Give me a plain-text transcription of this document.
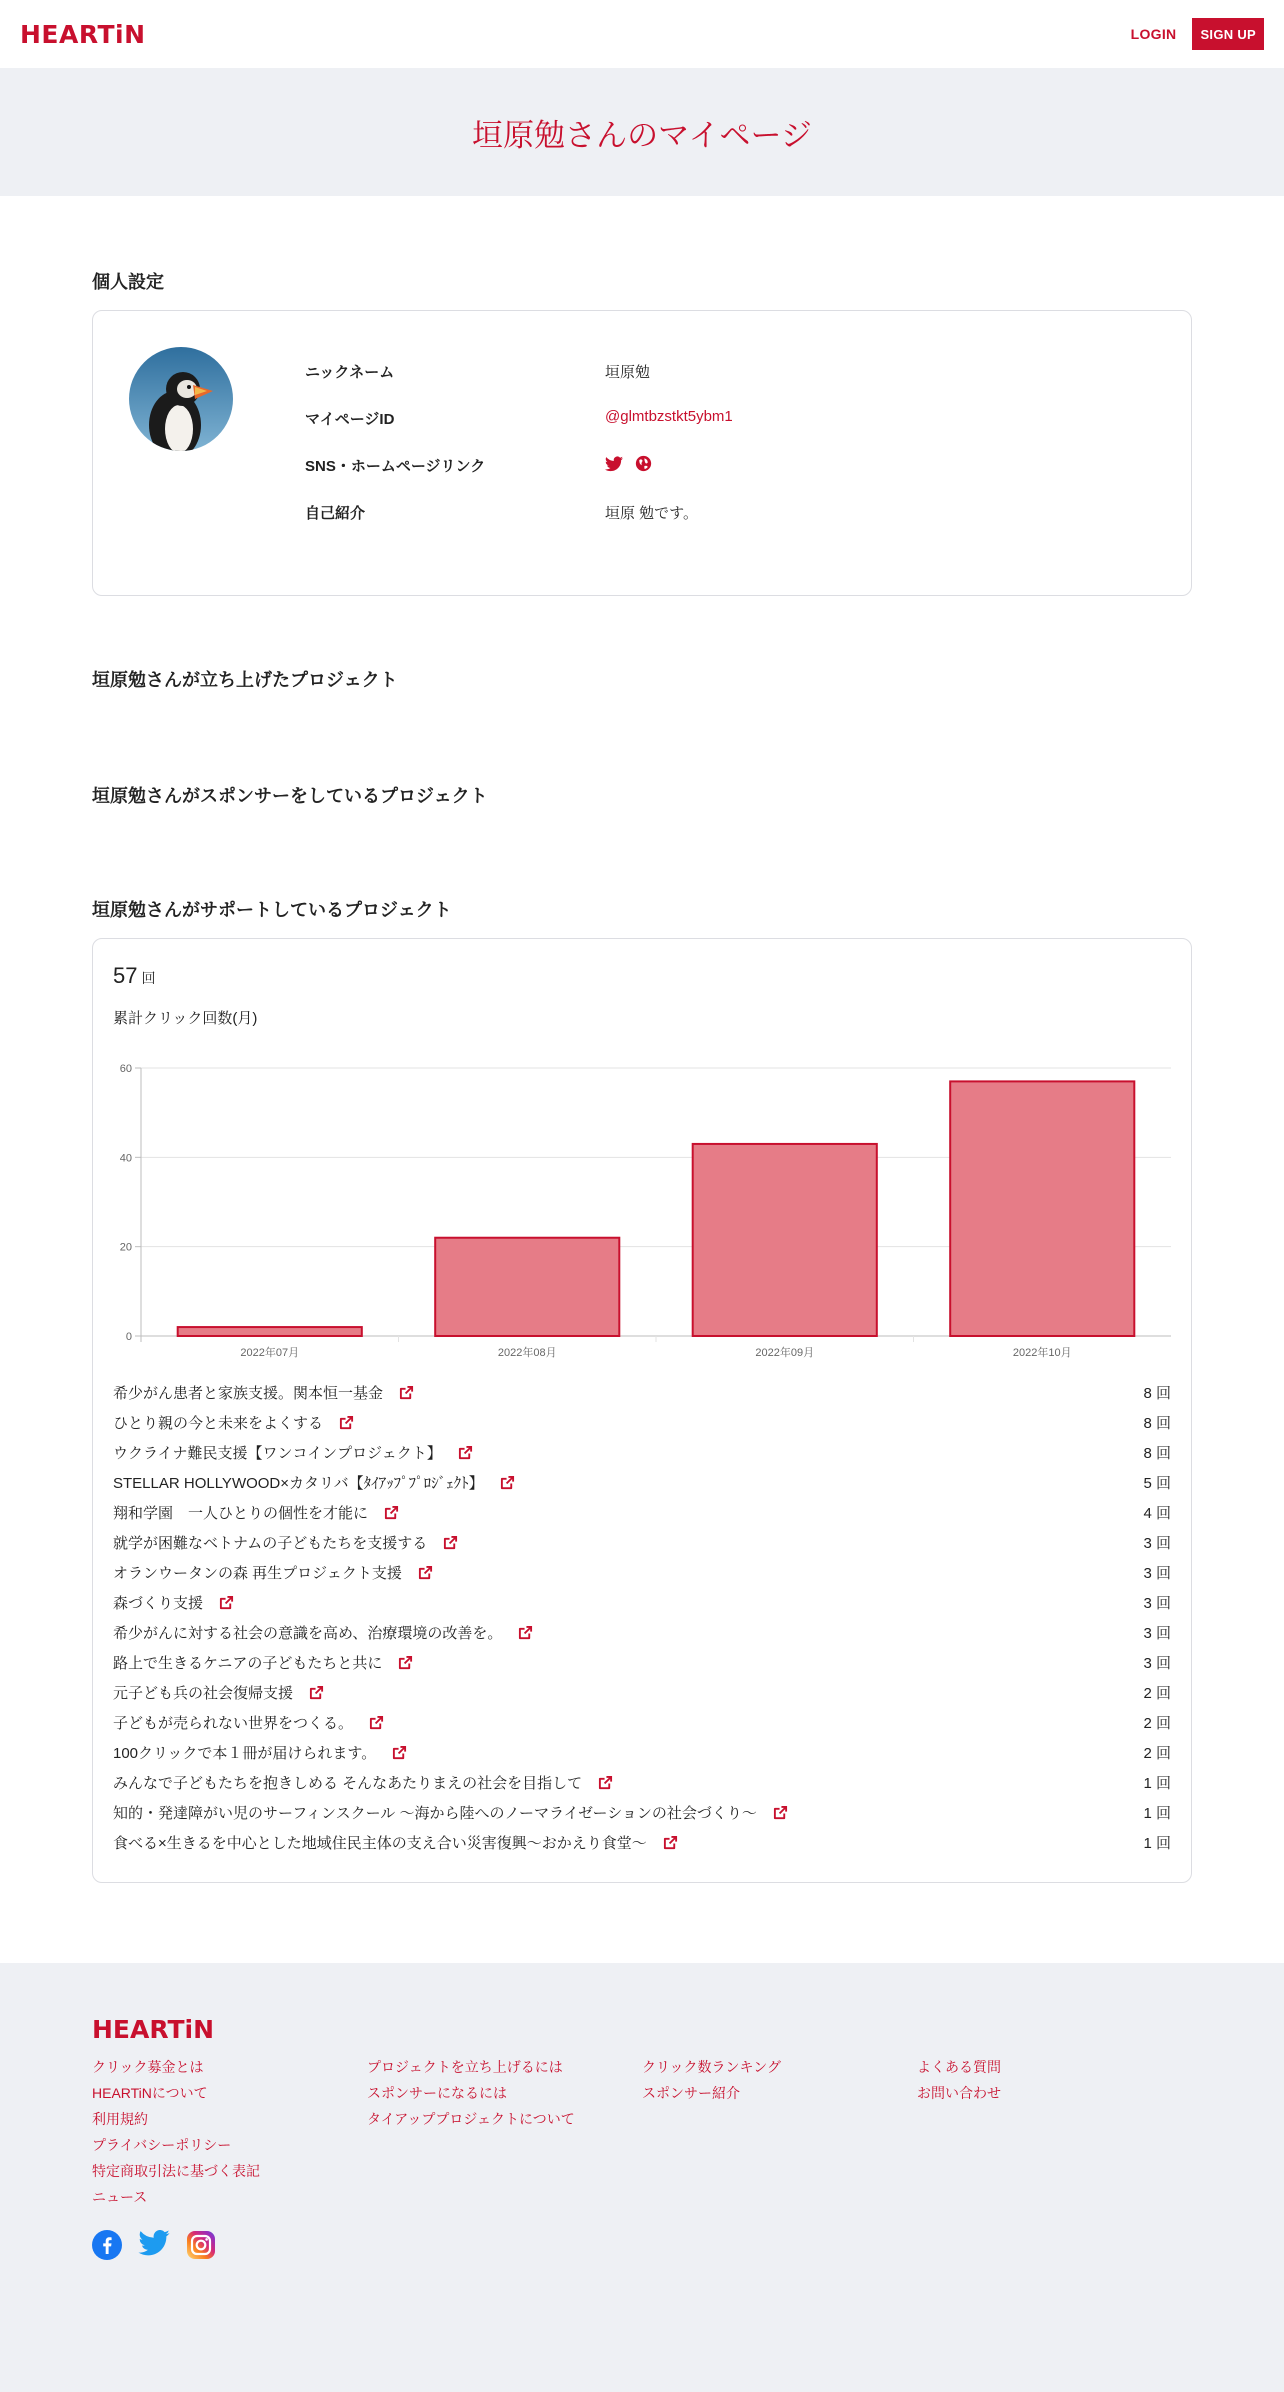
HEARTiN	LOGIN	SIGN UP
垣原勉さんのマイページ
個人設定
ニックネーム	垣原勉
マイページID	@glmtbzstkt5ybm1
SNS・ホームページリンク
自己紹介	垣原 勉です。
垣原勉さんが立ち上げたプロジェクト
垣原勉さんがスポンサーをしているプロジェクト
垣原勉さんがサポートしているプロジェクト
57 回
累計クリック回数(月)
0
20
40
60
2022年07月	2022年08月	2022年09月	2022年10月
希少がん患者と家族支援。関本恒一基金	8 回
ひとり親の今と未来をよくする	8 回
ウクライナ難民支援【ワンコインプロジェクト】	8 回
STELLAR HOLLYWOOD×カタリバ【ﾀｲｱｯﾌﾟﾌﾟﾛｼﾞｪｸﾄ】	5 回
翔和学園　一人ひとりの個性を才能に	4 回
就学が困難なベトナムの子どもたちを支援する	3 回
オランウータンの森 再生プロジェクト支援	3 回
森づくり支援	3 回
希少がんに対する社会の意識を高め、治療環境の改善を。	3 回
路上で生きるケニアの子どもたちと共に	3 回
元子ども兵の社会復帰支援	2 回
子どもが売られない世界をつくる。	2 回
100クリックで本１冊が届けられます。	2 回
みんなで子どもたちを抱きしめる そんなあたりまえの社会を目指して	1 回
知的・発達障がい児のサーフィンスクール ～海から陸へのノーマライゼーションの社会づくり～	1 回
食べる×生きるを中心とした地域住民主体の支え合い災害復興～おかえり食堂～	1 回
HEARTiN
クリック募金とは
HEARTiNについて
利用規約
プライバシーポリシー
特定商取引法に基づく表記
ニュース
プロジェクトを立ち上げるには
スポンサーになるには
タイアッププロジェクトについて
クリック数ランキング
スポンサー紹介
よくある質問
お問い合わせ
